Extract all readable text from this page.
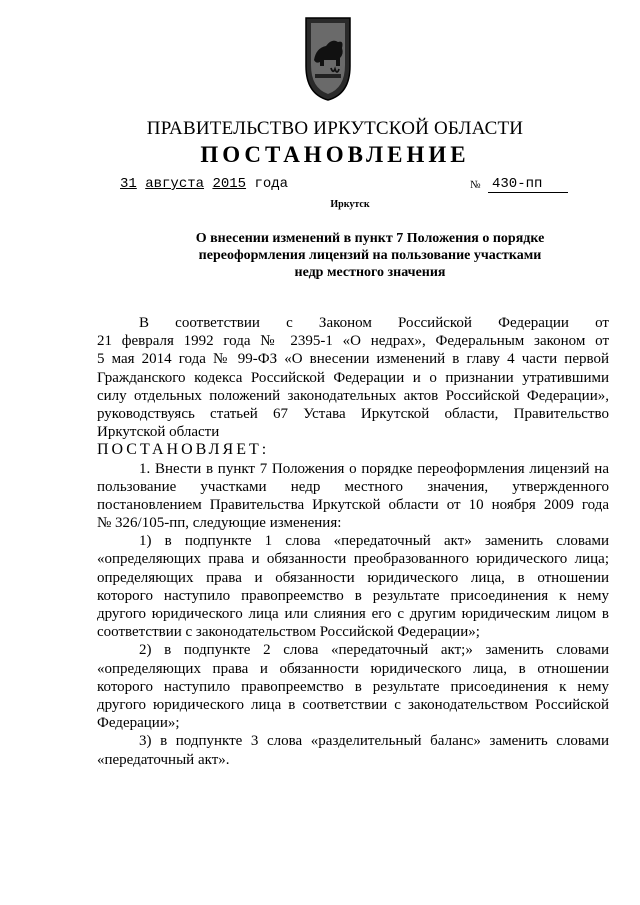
ПРАВИТЕЛЬСТВО ИРКУТСКОЙ ОБЛАСТИ
ПОСТАНОВЛЕНИЕ
31 августа 2015 года	№ 430-пп
Иркутск
О внесении изменений в пункт 7 Положения о порядке
переоформления лицензий на пользование участками
недр местного значения
В соответствии с Законом Российской Федерации от
21 февраля 1992 года № 2395-1 «О недрах», Федеральным законом от
5 мая 2014 года № 99-ФЗ «О внесении изменений в главу 4 части первой
Гражданского кодекса Российской Федерации и о признании утратившими
силу отдельных положений законодательных актов Российской Федерации»,
руководствуясь статьей 67 Устава Иркутской области, Правительство
Иркутской области
ПОСТАНОВЛЯЕТ:
1. Внести в пункт 7 Положения о порядке переоформления лицензий на
пользование участками недр местного значения, утвержденного
постановлением Правительства Иркутской области от 10 ноября 2009 года
№ 326/105-пп, следующие изменения:
1) в подпункте 1 слова «передаточный акт» заменить словами
«определяющих права и обязанности преобразованного юридического лица;
определяющих права и обязанности юридического лица, в отношении
которого наступило правопреемство в результате присоединения к нему
другого юридического лица или слияния его с другим юридическим лицом в
соответствии с законодательством Российской Федерации»;
2) в подпункте 2 слова «передаточный акт;» заменить словами
«определяющих права и обязанности юридического лица, в отношении
которого наступило правопреемство в результате присоединения к нему
другого юридического лица в соответствии с законодательством Российской
Федерации»;
3) в подпункте 3 слова «разделительный баланс» заменить словами
«передаточный акт».
